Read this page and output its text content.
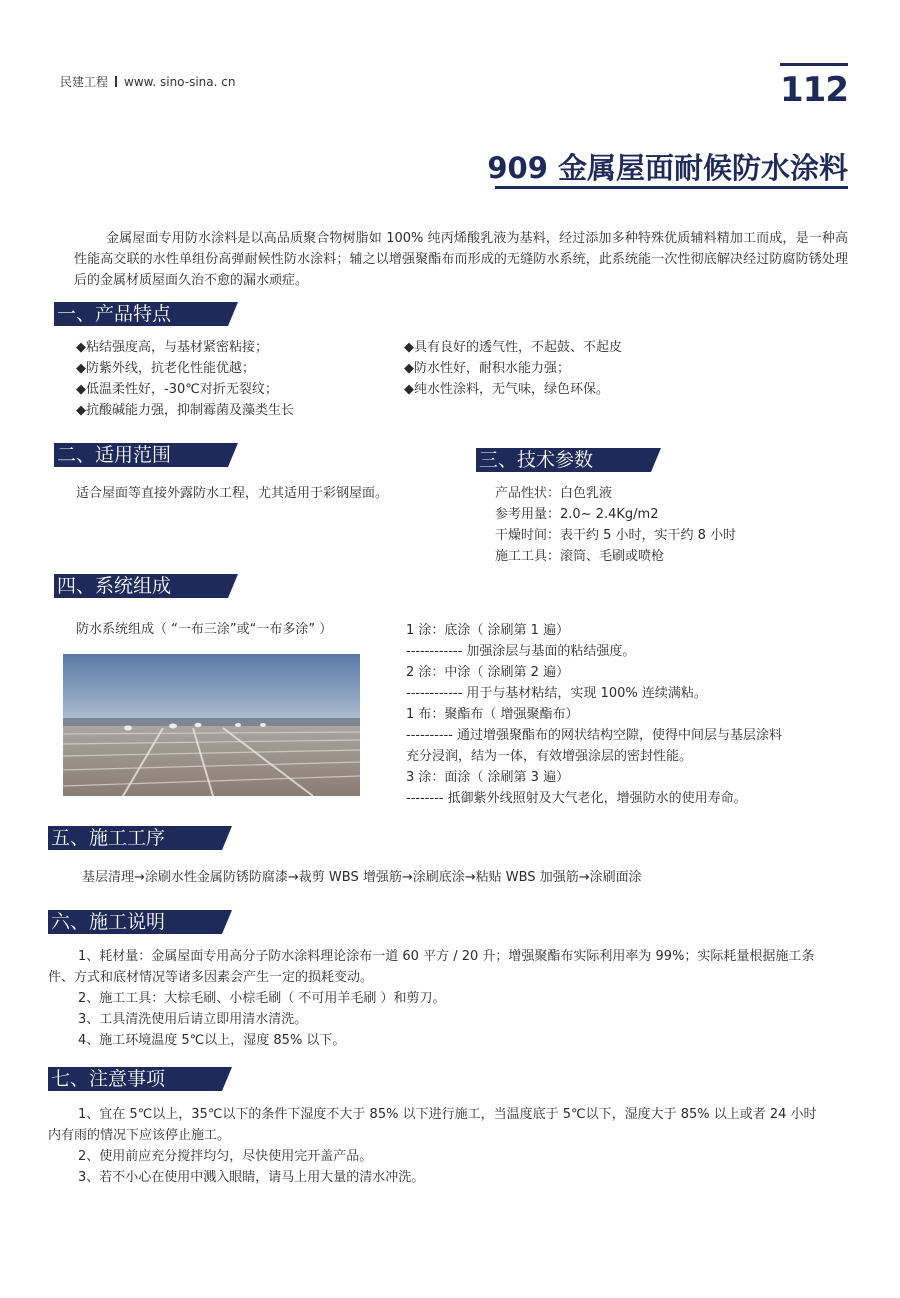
民建工程 www. sino-sina. cn	112
909 金属屋面耐候防水涂料
金属屋面专用防水涂料是以高品质聚合物树脂如 100% 纯丙烯酸乳液为基料，经过添加多种特殊优质辅料精加工而成，是一种高性能高交联的水性单组份高弹耐候性防水涂料；辅之以增强聚酯布而形成的无缝防水系统，此系统能一次性彻底解决经过防腐防锈处理后的金属材质屋面久治不愈的漏水顽症。
一、产品特点
◆粘结强度高，与基材紧密粘接；
◆防紫外线，抗老化性能优越；
◆低温柔性好，-30℃对折无裂纹；
◆抗酸碱能力强，抑制霉菌及藻类生长
◆具有良好的透气性，不起鼓、不起皮
◆防水性好，耐积水能力强；
◆纯水性涂料，无气味，绿色环保。
二、适用范围
适合屋面等直接外露防水工程，尤其适用于彩钢屋面。
三、技术参数
产品性状：白色乳液
参考用量：2.0~ 2.4Kg/m2
干燥时间：表干约 5 小时，实干约 8 小时
施工工具：滚筒、毛刷或喷枪
四、系统组成
防水系统组成（ “一布三涂”或“一布多涂” ）	1 涂：底涂（ 涂刷第 1 遍）
------------ 加强涂层与基面的粘结强度。
2 涂：中涂（ 涂刷第 2 遍）
------------ 用于与基材粘结，实现 100% 连续满粘。
1 布：聚酯布（ 增强聚酯布）
---------- 通过增强聚酯布的网状结构空隙，使得中间层与基层涂料
充分浸润，结为一体，有效增强涂层的密封性能。
3 涂：面涂（ 涂刷第 3 遍）
-------- 抵御紫外线照射及大气老化，增强防水的使用寿命。
五、施工工序
基层清理→涂刷水性金属防锈防腐漆→裁剪 WBS 增强筋→涂刷底涂→粘贴 WBS 加强筋→涂刷面涂
六、施工说明
1、耗材量：金属屋面专用高分子防水涂料理论涂布一道 60 平方 / 20 升；增强聚酯布实际利用率为 99%；实际耗量根据施工条件、方式和底材情况等诸多因素会产生一定的损耗变动。
2、施工工具：大棕毛刷、小棕毛刷（ 不可用羊毛刷 ）和剪刀。
3、工具清洗使用后请立即用清水清洗。
4、施工环境温度 5℃以上，湿度 85% 以下。
七、注意事项
1、宜在 5℃以上，35℃以下的条件下湿度不大于 85% 以下进行施工，当温度底于 5℃以下，湿度大于 85% 以上或者 24 小时内有雨的情况下应该停止施工。
2、使用前应充分搅拌均匀，尽快使用完开盖产品。
3、若不小心在使用中溅入眼睛，请马上用大量的清水冲洗。
